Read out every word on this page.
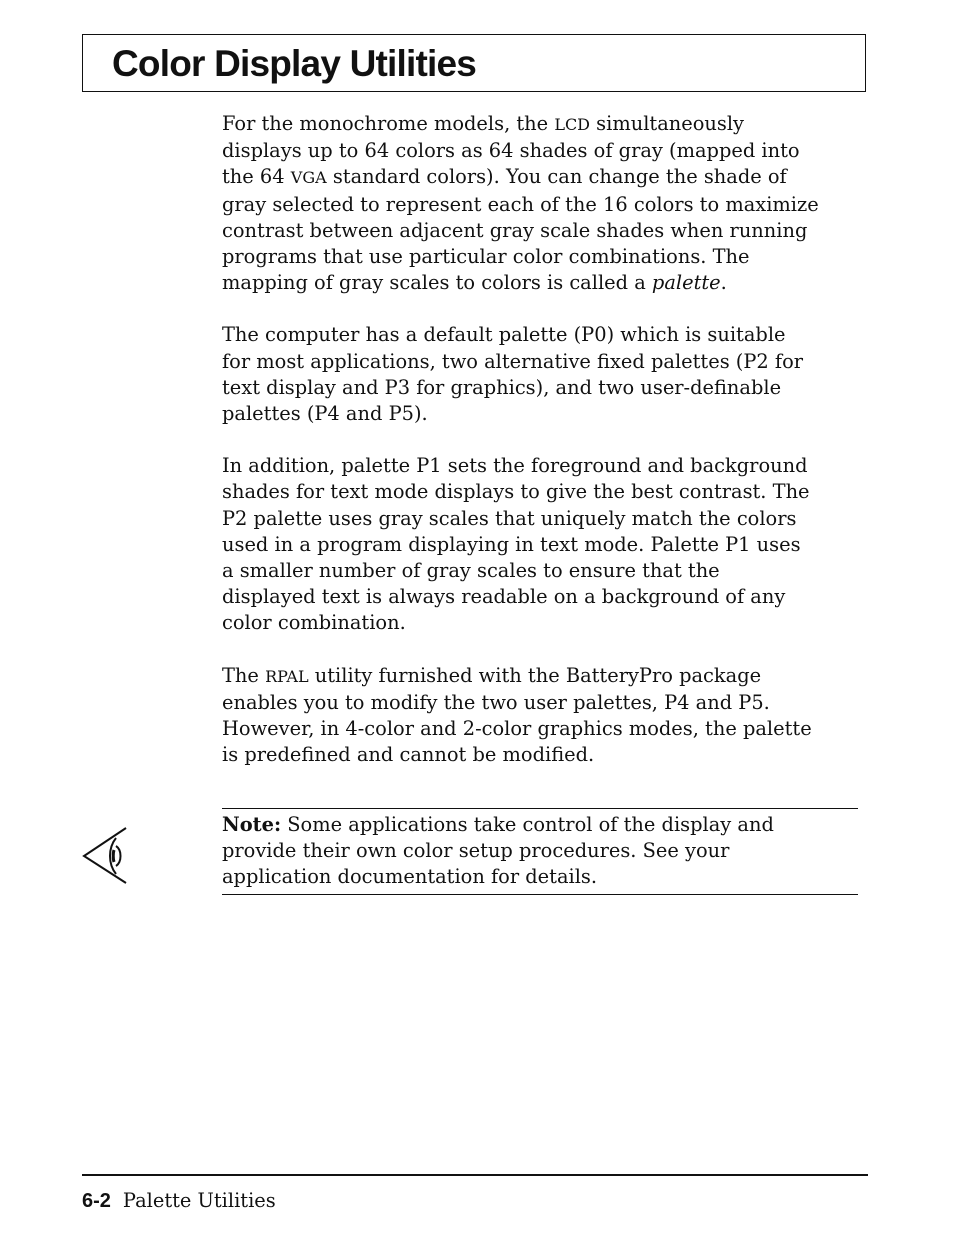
Color Display Utilities

For the monochrome models, the LCD simultaneously
displays up to 64 colors as 64 shades of gray (mapped into
the 64 VGA standard colors). You can change the shade of
gray selected to represent each of the 16 colors to maximize
contrast between adjacent gray scale shades when running
programs that use particular color combinations. The
mapping of gray scales to colors is called a palette.

The computer has a default palette (P0) which is suitable
for most applications, two alternative fixed palettes (P2 for
text display and P3 for graphics), and two user-definable
palettes (P4 and P5).

In addition, palette P1 sets the foreground and background
shades for text mode displays to give the best contrast. The
P2 palette uses gray scales that uniquely match the colors
used in a program displaying in text mode. Palette P1 uses
a smaller number of gray scales to ensure that the
displayed text is always readable on a background of any
color combination.

The RPAL utility furnished with the BatteryPro package
enables you to modify the two user palettes, P4 and P5.
However, in 4-color and 2-color graphics modes, the palette
is predefined and cannot be modified.

Note: Some applications take control of the display and
provide their own color setup procedures. See your
application documentation for details.

6-2 Palette Utilities
